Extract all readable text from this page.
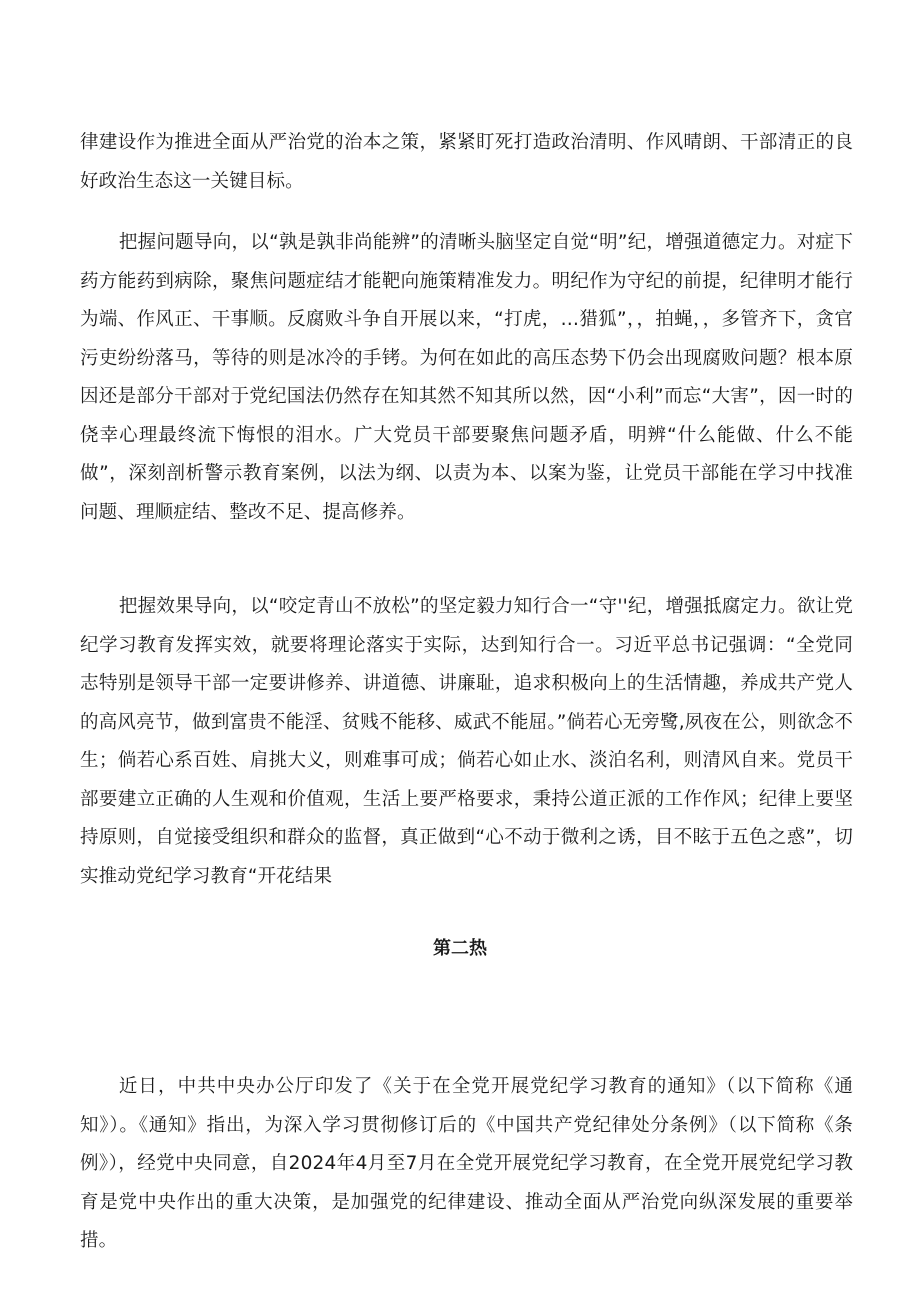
律建设作为推进全面从严治党的治本之策，紧紧盯死打造政治清明、作风晴朗、干部清正的良好政治生态这一关键目标。

把握问题导向，以“孰是孰非尚能辨”的清晰头脑坚定自觉“明”纪，增强道德定力。对症下药方能药到病除，聚焦问题症结才能靶向施策精准发力。明纪作为守纪的前提，纪律明才能行为端、作风正、干事顺。反腐败斗争自开展以来，“打虎，…猎狐”，，拍蝇，，多管齐下，贪官污吏纷纷落马，等待的则是冰冷的手铐。为何在如此的高压态势下仍会出现腐败问题？根本原因还是部分干部对于党纪国法仍然存在知其然不知其所以然，因“小利”而忘“大害”，因一时的侥幸心理最终流下悔恨的泪水。广大党员干部要聚焦问题矛盾，明辨“什么能做、什么不能做”，深刻剖析警示教育案例，以法为纲、以责为本、以案为鉴，让党员干部能在学习中找准问题、理顺症结、整改不足、提高修养。

把握效果导向，以“咬定青山不放松”的坚定毅力知行合一“守''纪，增强抵腐定力。欲让党纪学习教育发挥实效，就要将理论落实于实际，达到知行合一。习近平总书记强调：“全党同志特别是领导干部一定要讲修养、讲道德、讲廉耻，追求积极向上的生活情趣，养成共产党人的高风亮节，做到富贵不能淫、贫贱不能移、威武不能屈。”倘若心无旁鹭,夙夜在公，则欲念不生；倘若心系百姓、肩挑大义，则难事可成；倘若心如止水、淡泊名利，则清风自来。党员干部要建立正确的人生观和价值观，生活上要严格要求，秉持公道正派的工作作风；纪律上要坚持原则，自觉接受组织和群众的监督，真正做到“心不动于微利之诱，目不眩于五色之惑”，切实推动党纪学习教育“开花结果

第二热

近日，中共中央办公厅印发了《关于在全党开展党纪学习教育的通知》（以下简称《通知》）。《通知》指出，为深入学习贯彻修订后的《中国共产党纪律处分条例》（以下简称《条例》），经党中央同意，自2024年4月至7月在全党开展党纪学习教育，在全党开展党纪学习教育是党中央作出的重大决策，是加强党的纪律建设、推动全面从严治党向纵深发展的重要举措。
